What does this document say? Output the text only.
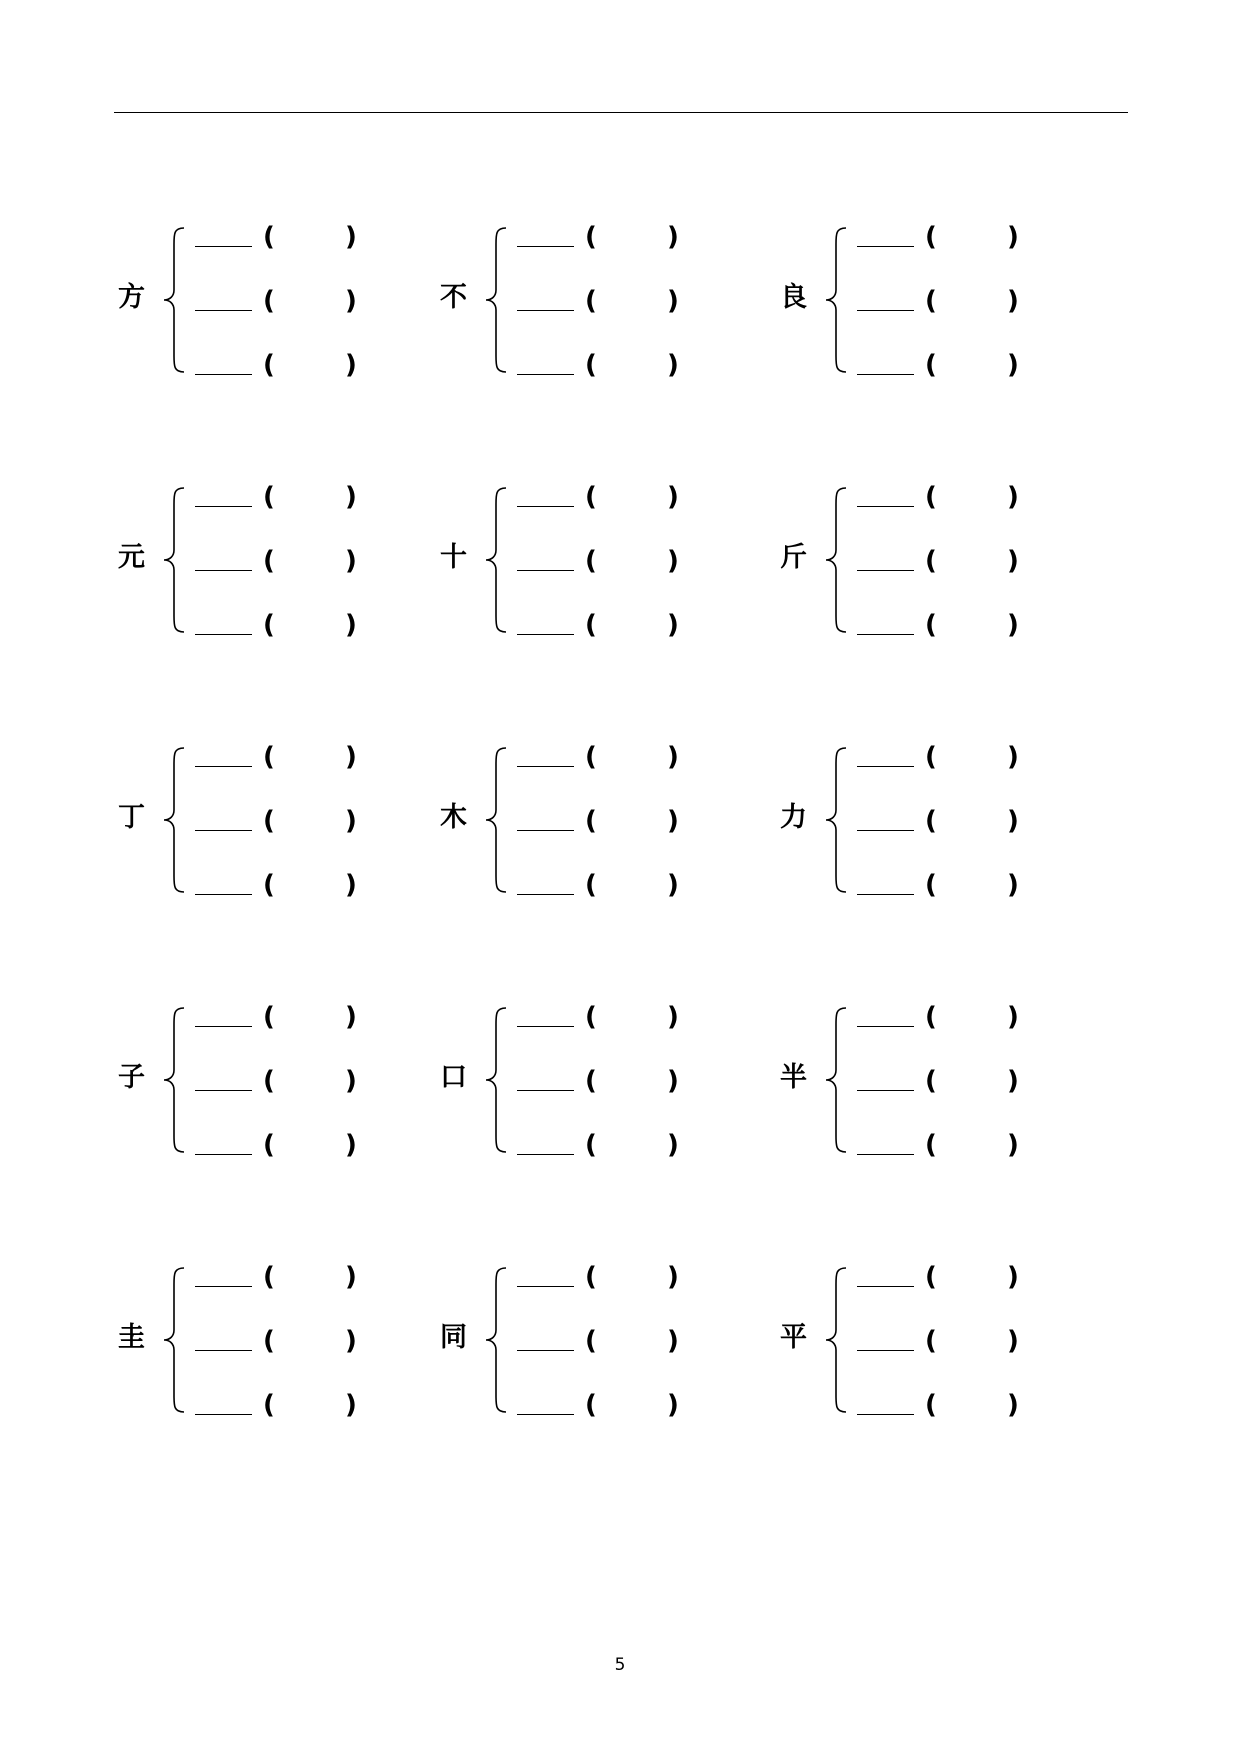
方
(	)
(	)
(	)
不
(	)
(	)
(	)
良
(	)
(	)
(	)
元
(	)
(	)
(	)
十
(	)
(	)
(	)
斤
(	)
(	)
(	)
丁
(	)
(	)
(	)
木
(	)
(	)
(	)
力
(	)
(	)
(	)
子
(	)
(	)
(	)
口
(	)
(	)
(	)
半
(	)
(	)
(	)
圭
(	)
(	)
(	)
同
(	)
(	)
(	)
平
(	)
(	)
(	)
5
